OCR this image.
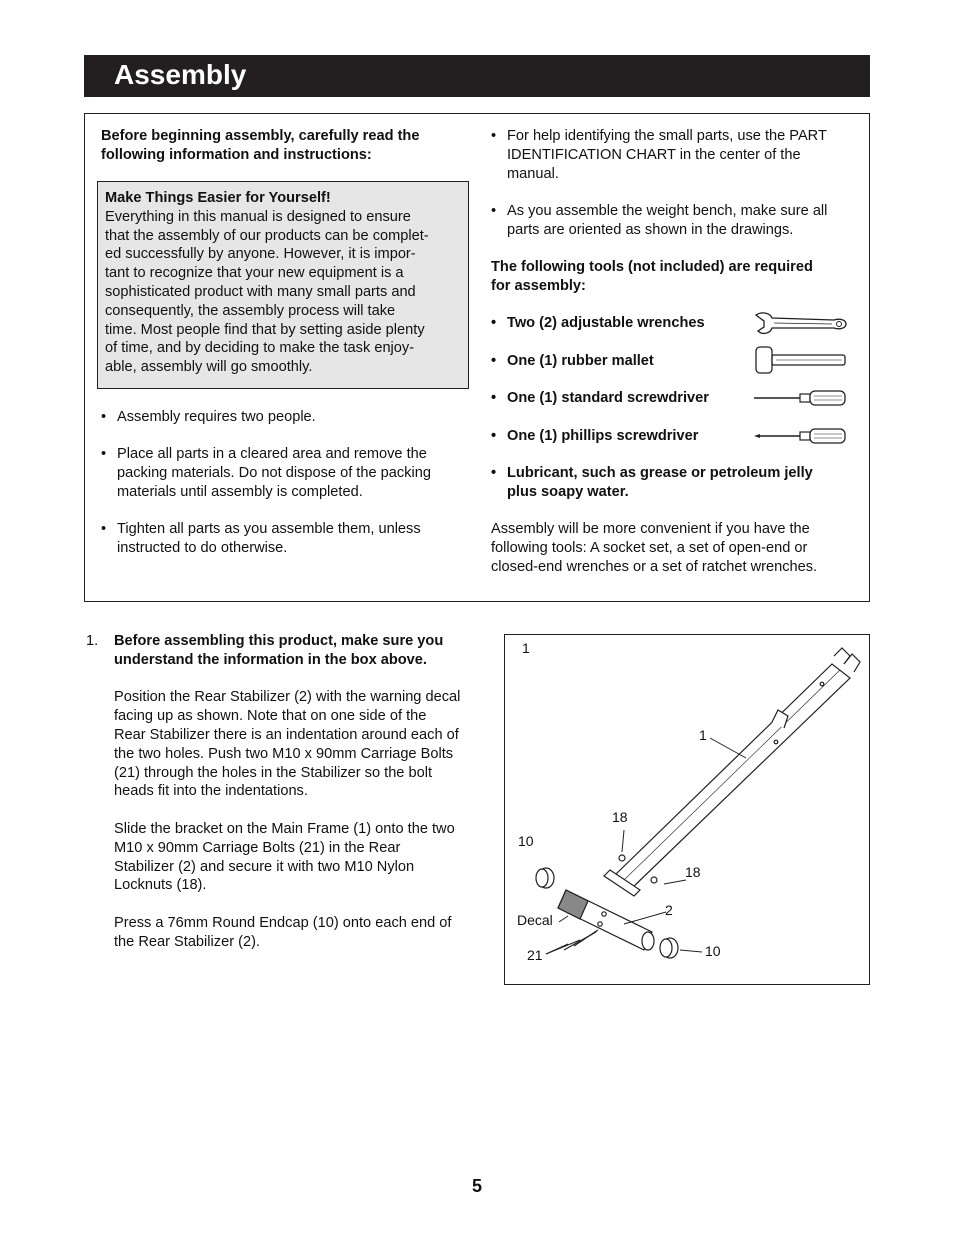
Assembly
Before beginning assembly, carefully read the
following information and instructions:
Make Things Easier for Yourself!
Everything in this manual is designed to ensure
that the assembly of our products can be complet-
ed successfully by anyone. However, it is impor-
tant to recognize that your new equipment is a
sophisticated product with many small parts and
consequently, the assembly process will take
time. Most people find that by setting aside plenty
of time, and by deciding to make the task enjoy-
able, assembly will go smoothly.
• Assembly requires two people.
• Place all parts in a cleared area and remove the
packing materials. Do not dispose of the packing
materials until assembly is completed.
• Tighten all parts as you assemble them, unless
instructed to do otherwise.
• For help identifying the small parts, use the PART
IDENTIFICATION CHART in the center of the
manual.
• As you assemble the weight bench, make sure all
parts are oriented as shown in the drawings.
The following tools (not included) are required
for assembly:
• Two (2) adjustable wrenches
• One (1) rubber mallet
• One (1) standard screwdriver
• One (1) phillips screwdriver
• Lubricant, such as grease or petroleum jelly
plus soapy water.
Assembly will be more convenient if you have the
following tools: A socket set, a set of open-end or
closed-end wrenches or a set of ratchet wrenches.
1. Before assembling this product, make sure you
understand the information in the box above.
Position the Rear Stabilizer (2) with the warning decal
facing up as shown. Note that on one side of the
Rear Stabilizer there is an indentation around each of
the two holes. Push two M10 x 90mm Carriage Bolts
(21) through the holes in the Stabilizer so the bolt
heads fit into the indentations.
Slide the bracket on the Main Frame (1) onto the two
M10 x 90mm Carriage Bolts (21) in the Rear
Stabilizer (2) and secure it with two M10 Nylon
Locknuts (18).
Press a 76mm Round Endcap (10) onto each end of
the Rear Stabilizer (2).
1
1
18
10
18
2
Decal
21	10
5
